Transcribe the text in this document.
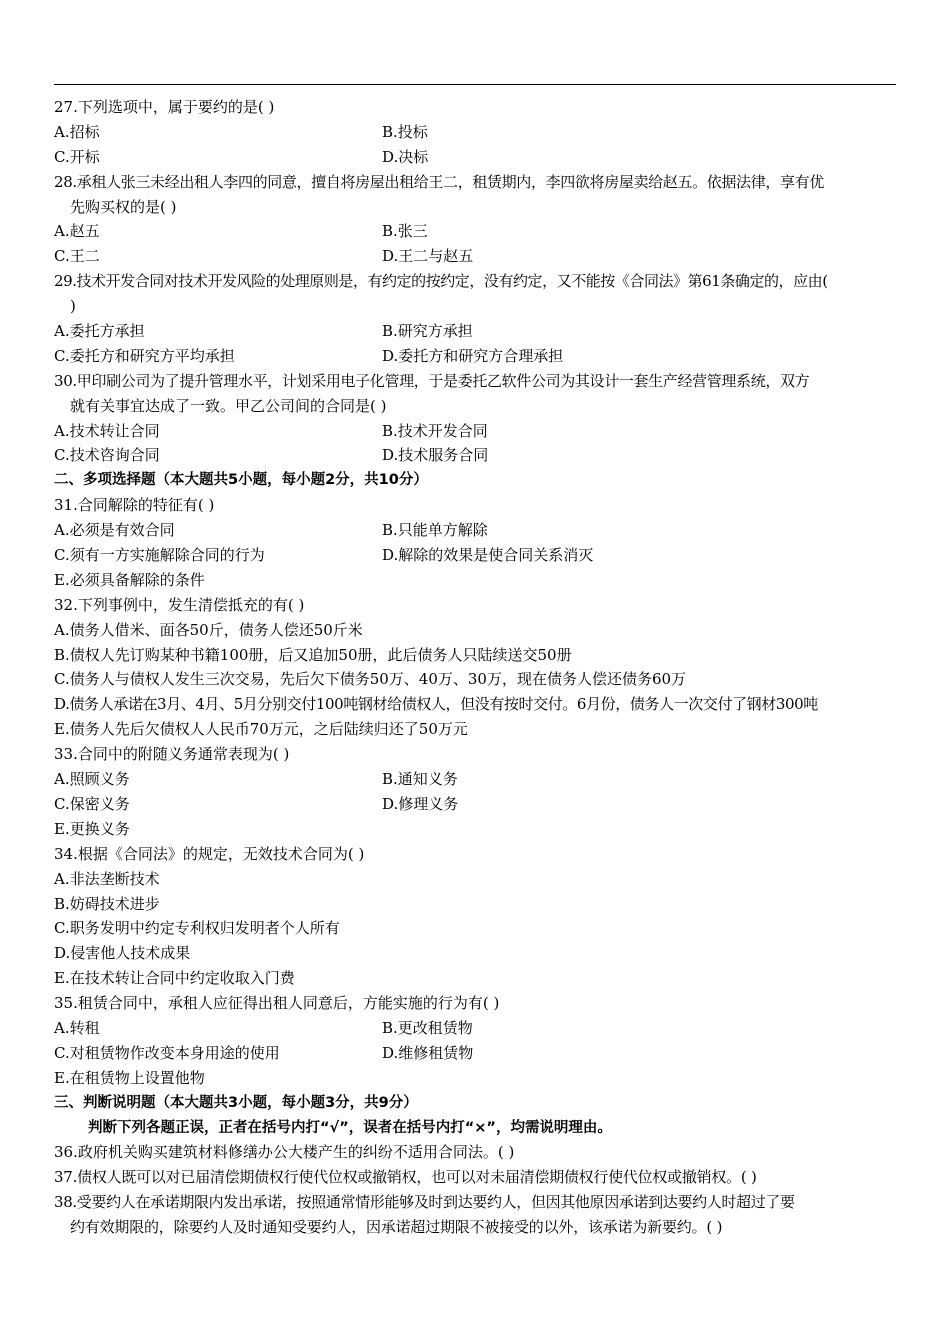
27.下列选项中，属于要约的是( )
A.招标	B.投标
C.开标	D.决标
28.承租人张三未经出租人李四的同意，擅自将房屋出租给王二，租赁期内，李四欲将房屋卖给赵五。依据法律，享有优
先购买权的是( )
A.赵五	B.张三
C.王二	D.王二与赵五
29.技术开发合同对技术开发风险的处理原则是，有约定的按约定，没有约定，又不能按《合同法》第61条确定的，应由(
)
A.委托方承担	B.研究方承担
C.委托方和研究方平均承担	D.委托方和研究方合理承担
30.甲印刷公司为了提升管理水平，计划采用电子化管理，于是委托乙软件公司为其设计一套生产经营管理系统，双方
就有关事宜达成了一致。甲乙公司间的合同是( )
A.技术转让合同	B.技术开发合同
C.技术咨询合同	D.技术服务合同
二、多项选择题（本大题共5小题，每小题2分，共10分）
31.合同解除的特征有( )
A.必须是有效合同	B.只能单方解除
C.须有一方实施解除合同的行为	D.解除的效果是使合同关系消灭
E.必须具备解除的条件
32.下列事例中，发生清偿抵充的有( )
A.债务人借米、面各50斤，债务人偿还50斤米
B.债权人先订购某种书籍100册，后又追加50册，此后债务人只陆续送交50册
C.债务人与债权人发生三次交易，先后欠下债务50万、40万、30万，现在债务人偿还债务60万
D.债务人承诺在3月、4月、5月分别交付100吨钢材给债权人，但没有按时交付。6月份，债务人一次交付了钢材300吨
E.债务人先后欠债权人人民币70万元，之后陆续归还了50万元
33.合同中的附随义务通常表现为( )
A.照顾义务	B.通知义务
C.保密义务	D.修理义务
E.更换义务
34.根据《合同法》的规定，无效技术合同为( )
A.非法垄断技术
B.妨碍技术进步
C.职务发明中约定专利权归发明者个人所有
D.侵害他人技术成果
E.在技术转让合同中约定收取入门费
35.租赁合同中，承租人应征得出租人同意后，方能实施的行为有( )
A.转租	B.更改租赁物
C.对租赁物作改变本身用途的使用	D.维修租赁物
E.在租赁物上设置他物
三、判断说明题（本大题共3小题，每小题3分，共9分）
判断下列各题正误，正者在括号内打“√”，误者在括号内打“×”，均需说明理由。
36.政府机关购买建筑材料修缮办公大楼产生的纠纷不适用合同法。( )
37.债权人既可以对已届清偿期债权行使代位权或撤销权，也可以对未届清偿期债权行使代位权或撤销权。( )
38.受要约人在承诺期限内发出承诺，按照通常情形能够及时到达要约人，但因其他原因承诺到达要约人时超过了要
约有效期限的，除要约人及时通知受要约人，因承诺超过期限不被接受的以外，该承诺为新要约。( )
